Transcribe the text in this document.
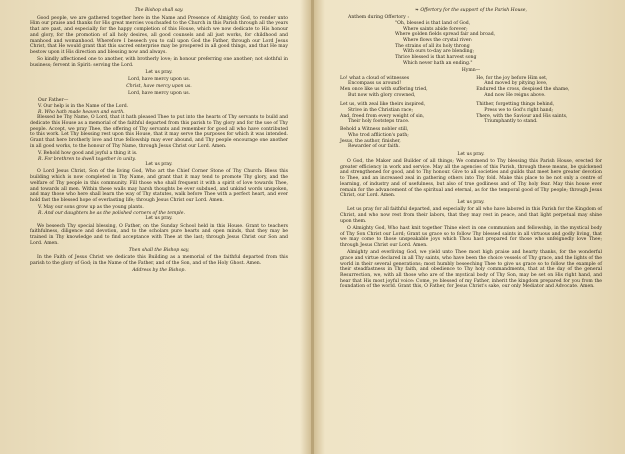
The Bishop shall say.

Good people, we are gathered together here in the Name and Presence of Almighty God, to render unto Him our praise and thanks for His great mercies vouchsafed to the Church in this Parish through all the years that are past, and especially for the happy completion of this House, which we now dedicate to His honour and glory, for the promotion of all holy desires, all good counsels and all just works, for childhood and manhood and womanhood. Wherefore I beseech you to call upon God the Father, through our Lord Jesus Christ, that He would grant that this sacred enterprise may be prospered in all good things, and that He may bestow upon it His direction and blessing now and always.

So kindly affectioned one to another, with brotherly love; in honour preferring one another; not slothful in business; fervent in Spirit: serving the Lord.

Let us pray.

Lord, have mercy upon us.

Christ, have mercy upon us.

Lord, have mercy upon us.

Our Father—

V. Our help is in the Name of the Lord.

R. Who hath made heaven and earth.

Blessed be Thy Name, O Lord, that it hath pleased Thee to put into the hearts of Thy servants to build and dedicate this House as a memorial of the faithful departed from this parish to Thy glory and for the use of Thy people. Accept, we pray Thee, the offering of Thy servants and remember for good all who have contributed to this work. Let Thy blessing rest upon this House, that it may serve the purposes for which it was intended. Grant that here brotherly love and true fellowship may ever abound, and Thy people encourage one another in all good works, to the honour of Thy Name, through Jesus Christ our Lord. Amen.

V. Behold how good and joyful a thing it is.

R. For brethren to dwell together in unity.

Let us pray.

O Lord Jesus Christ, Son of the living God, Who art the Chief Corner Stone of Thy Church: Bless this building which is now completed in Thy Name, and grant that it may tend to promote Thy glory, and the welfare of Thy people in this community. Fill those who shall frequent it with a spirit of love towards Thee, and towards all men. Within these walls may harsh thoughts be ever subdued, and unkind words unspoken, and may those who here shall learn the way of Thy statutes, walk before Thee with a perfect heart, and ever hold fast the blessed hope of everlasting life; through Jesus Christ our Lord. Amen.

V. May our sons grow up as the young plants.

R. And our daughters be as the polished corners of the temple.

Let us pray.

We beseech Thy special blessing, O Father, on the Sunday School held in this House. Grant to teachers faithfulness, diligence and devotion, and to the scholars pure hearts and open minds, that they may be trained in Thy knowledge and to find acceptance with Thee at the last; through Jesus Christ our Son and Lord. Amen.

Then shall the Bishop say,

In the Faith of Jesus Christ we dedicate this Building as a memorial of the faithful departed from this parish to the glory of God; in the Name of the Father, and of the Son, and of the Holy Ghost. Amen.

Address by the Bishop.

❧ Offertory for the support of the Parish House,

Anthem during Offertory :

"Oh, blessed is that land of God,
Where saints abide forever;
Where golden fields spread fair and broad,
Where flows the crystal river:
The strains of all its holy throng
With ours to-day are blending;
Thrice blessed is that harvest song
Which never hath an ending."

Hymn—

Lo! what a cloud of witnesses
Encompass us around!
Men once like us with suffering tried,
But now with glory crowned,
Let us, with zeal like theirs inspired,
Strive in the Christian race;
And, freed from every weight of sin,
Their holy footsteps trace.
He, for the joy before Him set,
And moved by pitying love,
Endured the cross, despised the shame,
And now He reigns above.
Thither, forgetting things behind,
Press we to God's right hand;
There, with the Saviour and His saints,
Triumphantly to stand.
Behold a Witness nobler still,
Who trod affliction's path;
Jesus, the author, finisher,
Rewarder of our faith.

Let us pray.

O God, the Maker and Builder of all things; We commend to Thy blessing this Parish House, erected for greater efficiency in work and service. May all the agencies of this Parish, through these means, be quickened and strengthened for good, and to Thy honour. Give to all societies and guilds that meet here greater devotion to Thee, and an increased zeal in gathering others into Thy fold. Make this place to be not only a centre of learning, of industry and of usefulness, but also of true godliness and of Thy holy fear. May this house ever remain for the advancement of the spiritual and eternal, as for the temporal good of Thy people; through Jesus Christ, our Lord. Amen.

Let us pray.

Let us pray for all faithful departed, and especially for all who have labored in this Parish for the Kingdom of Christ, and who now rest from their labors, that they may rest in peace, and that light perpetual may shine upon them.

O Almighty God, Who hast knit together Thine elect in one communion and fellowship, in the mystical body of Thy Son Christ our Lord; Grant us grace so to follow Thy blessed saints in all virtuous and godly living, that we may come to those unspeakable joys which Thou hast prepared for those who unfeignedly love Thee; through Jesus Christ our Lord. Amen.

Almighty and everliving God, we yield unto Thee most high praise and hearty thanks, for the wonderful grace and virtue declared in all Thy saints, who have been the choice vessels of Thy grace, and the lights of the world in their several generations; most humbly beseeching Thee to give us grace so to follow the example of their steadfastness in Thy faith, and obedience to Thy holy commandments, that at the day of the general Resurrection, we, with all those who are of the mystical body of Thy Son, may be set on His right hand, and hear that His most joyful voice: Come, ye blessed of my Father, inherit the kingdom prepared for you from the foundation of the world. Grant this, O Father, for Jesus Christ's sake, our only Mediator and Advocate. Amen.
